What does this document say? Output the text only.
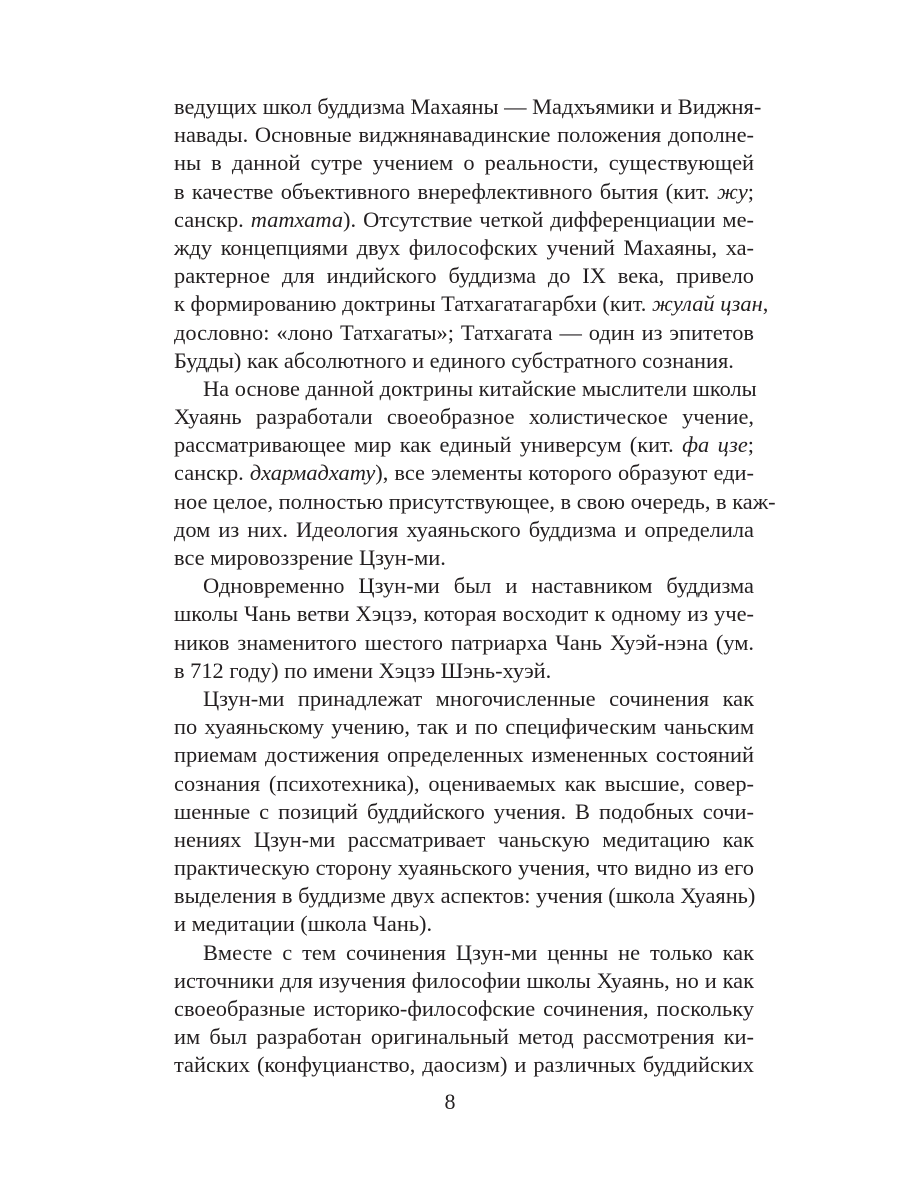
ведущих школ буддизма Махаяны — Мадхъямики и Виджня-
навады. Основные виджнянавадинские положения дополне-
ны в данной сутре учением о реальности, существующей
в качестве объективного внерефлективного бытия (кит. жу;
санскр. татхата). Отсутствие четкой дифференциации ме-
жду концепциями двух философских учений Махаяны, ха-
рактерное для индийского буддизма до IX века, привело
к формированию доктрины Татхагатагарбхи (кит. жулай цзан,
дословно: «лоно Татхагаты»; Татхагата — один из эпитетов
Будды) как абсолютного и единого субстратного сознания.
На основе данной доктрины китайские мыслители школы
Хуаянь разработали своеобразное холистическое учение,
рассматривающее мир как единый универсум (кит. фа цзе;
санскр. дхармадхату), все элементы которого образуют еди-
ное целое, полностью присутствующее, в свою очередь, в каж-
дом из них. Идеология хуаяньского буддизма и определила
все мировоззрение Цзун-ми.
Одновременно Цзун-ми был и наставником буддизма
школы Чань ветви Хэцзэ, которая восходит к одному из уче-
ников знаменитого шестого патриарха Чань Хуэй-нэна (ум.
в 712 году) по имени Хэцзэ Шэнь-хуэй.
Цзун-ми принадлежат многочисленные сочинения как
по хуаяньскому учению, так и по специфическим чаньским
приемам достижения определенных измененных состояний
сознания (психотехника), оцениваемых как высшие, совер-
шенные с позиций буддийского учения. В подобных сочи-
нениях Цзун-ми рассматривает чаньскую медитацию как
практическую сторону хуаяньского учения, что видно из его
выделения в буддизме двух аспектов: учения (школа Хуаянь)
и медитации (школа Чань).
Вместе с тем сочинения Цзун-ми ценны не только как
источники для изучения философии школы Хуаянь, но и как
своеобразные историко-философские сочинения, поскольку
им был разработан оригинальный метод рассмотрения ки-
тайских (конфуцианство, даосизм) и различных буддийских
8
